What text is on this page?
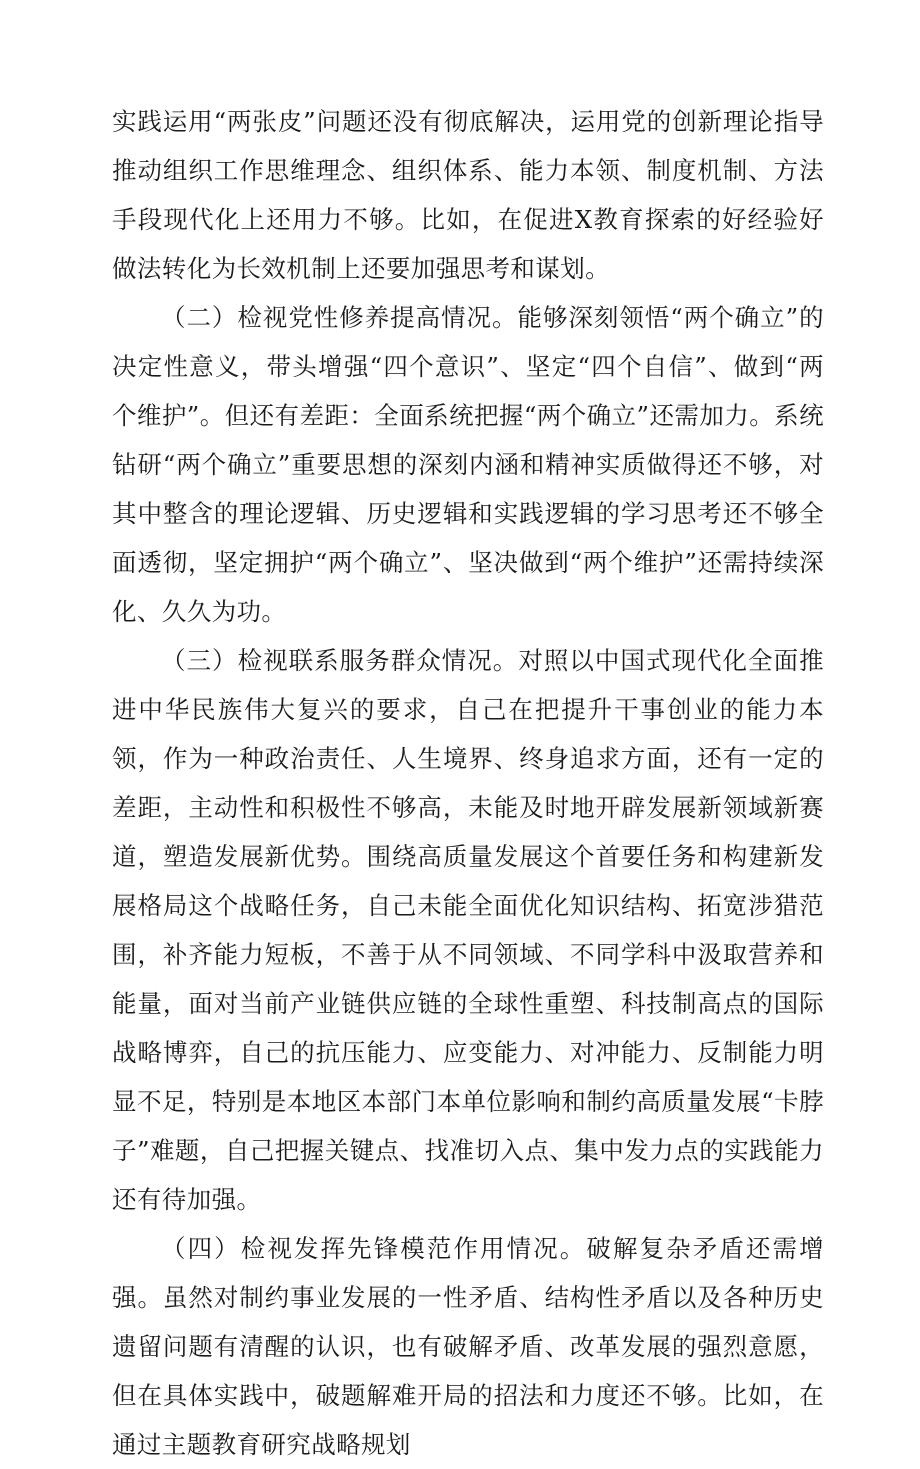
实践运用“两张皮”问题还没有彻底解决，运用党的创新理论指导推动组织工作思维理念、组织体系、能力本领、制度机制、方法手段现代化上还用力不够。比如，在促进X教育探索的好经验好做法转化为长效机制上还要加强思考和谋划。

（二）检视党性修养提高情况。能够深刻领悟“两个确立”的决定性意义，带头增强“四个意识”、坚定“四个自信”、做到“两个维护”。但还有差距：全面系统把握“两个确立”还需加力。系统钻研“两个确立”重要思想的深刻内涵和精神实质做得还不够，对其中整含的理论逻辑、历史逻辑和实践逻辑的学习思考还不够全面透彻，坚定拥护“两个确立”、坚决做到“两个维护”还需持续深化、久久为功。

（三）检视联系服务群众情况。对照以中国式现代化全面推进中华民族伟大复兴的要求，自己在把提升干事创业的能力本领，作为一种政治责任、人生境界、终身追求方面，还有一定的差距，主动性和积极性不够高，未能及时地开辟发展新领域新赛道，塑造发展新优势。围绕高质量发展这个首要任务和构建新发展格局这个战略任务，自己未能全面优化知识结构、拓宽涉猎范围，补齐能力短板，不善于从不同领域、不同学科中汲取营养和能量，面对当前产业链供应链的全球性重塑、科技制高点的国际战略博弈，自己的抗压能力、应变能力、对冲能力、反制能力明显不足，特别是本地区本部门本单位影响和制约高质量发展“卡脖子”难题，自己把握关键点、找准切入点、集中发力点的实践能力还有待加强。

（四）检视发挥先锋模范作用情况。破解复杂矛盾还需增强。虽然对制约事业发展的一性矛盾、结构性矛盾以及各种历史遗留问题有清醒的认识，也有破解矛盾、改革发展的强烈意愿，但在具体实践中，破题解难开局的招法和力度还不够。比如，在通过主题教育研究战略规划
